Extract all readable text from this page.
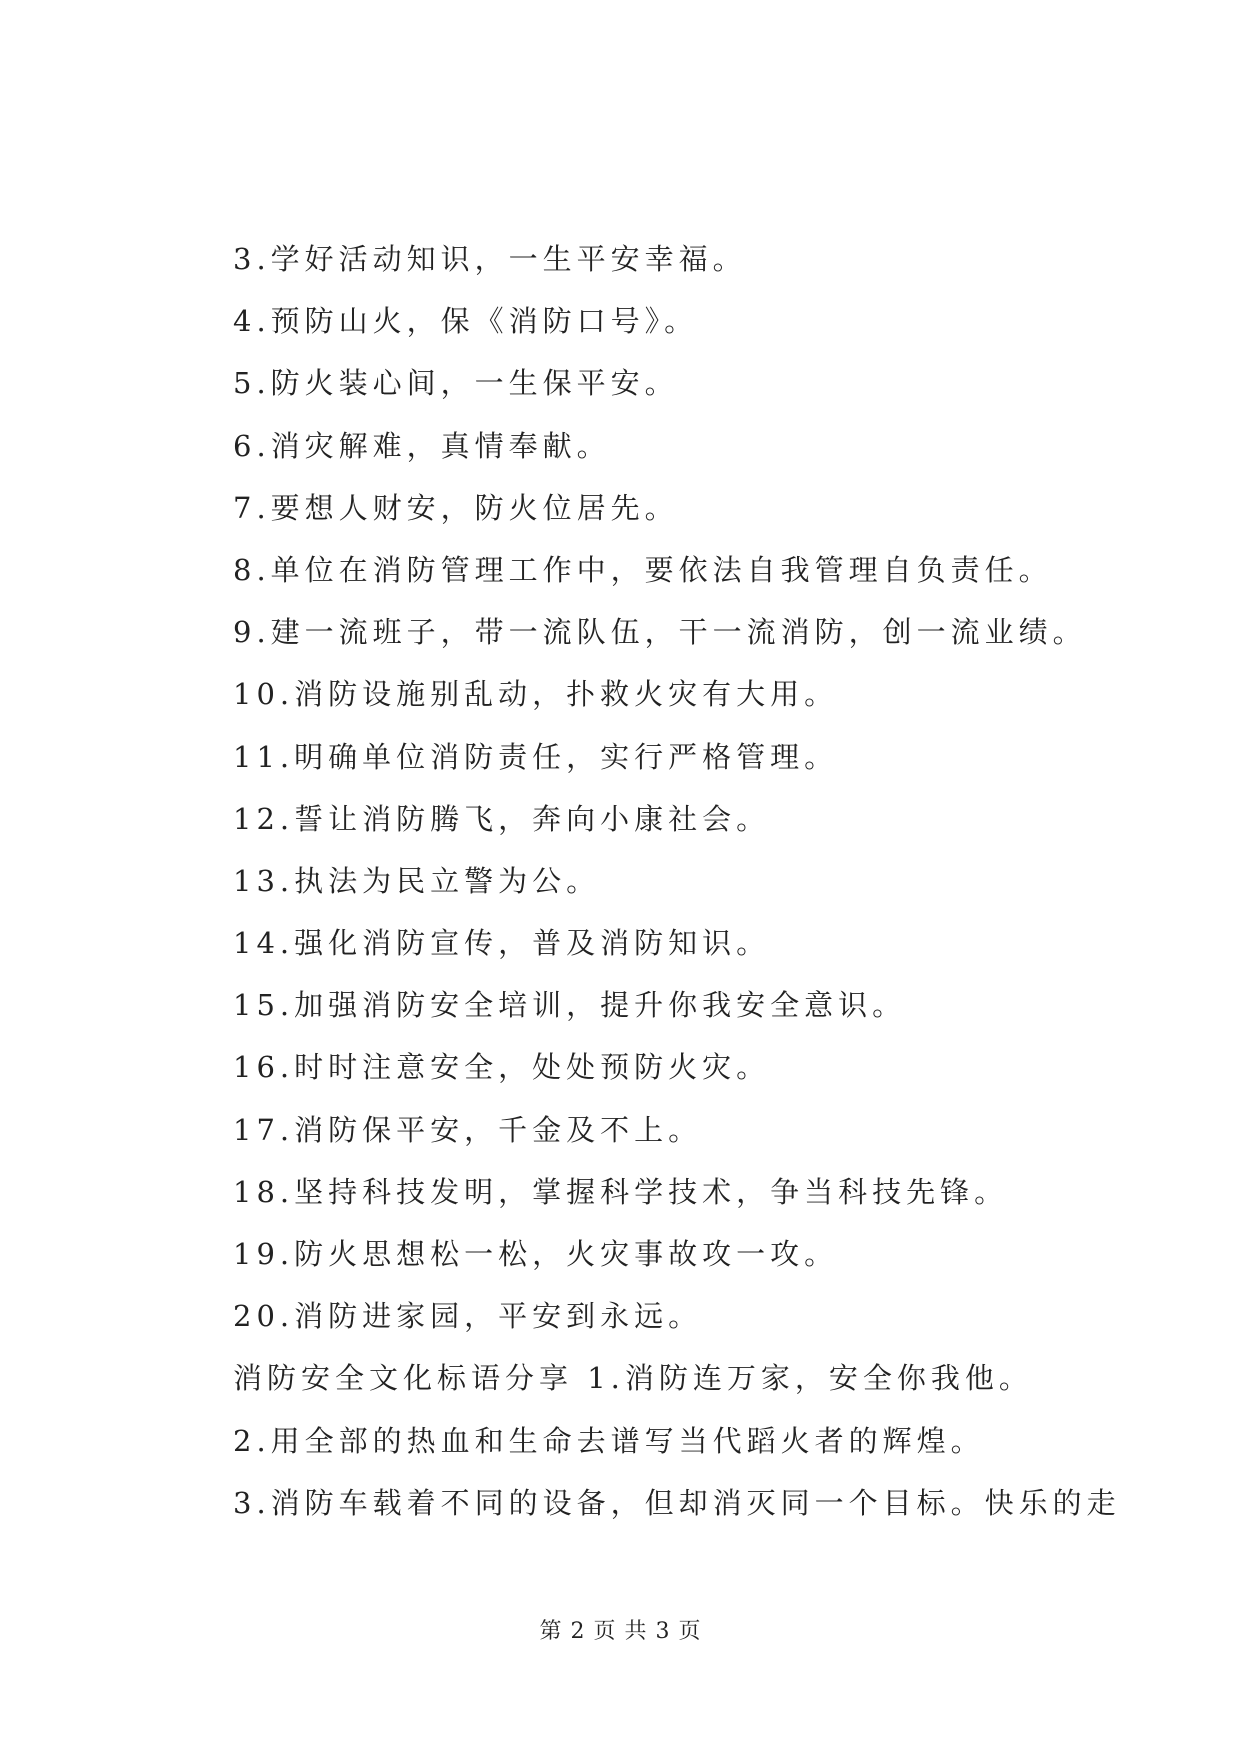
3.学好活动知识，一生平安幸福。
4.预防山火，保《消防口号》。
5.防火装心间，一生保平安。
6.消灾解难，真情奉献。
7.要想人财安，防火位居先。
8.单位在消防管理工作中，要依法自我管理自负责任。
9.建一流班子，带一流队伍，干一流消防，创一流业绩。
10.消防设施别乱动，扑救火灾有大用。
11.明确单位消防责任，实行严格管理。
12.誓让消防腾飞，奔向小康社会。
13.执法为民立警为公。
14.强化消防宣传，普及消防知识。
15.加强消防安全培训，提升你我安全意识。
16.时时注意安全，处处预防火灾。
17.消防保平安，千金及不上。
18.坚持科技发明，掌握科学技术，争当科技先锋。
19.防火思想松一松，火灾事故攻一攻。
20.消防进家园，平安到永远。
消防安全文化标语分享 1.消防连万家，安全你我他。
2.用全部的热血和生命去谱写当代蹈火者的辉煌。
3.消防车载着不同的设备，但却消灭同一个目标。快乐的走
第 2 页 共 3 页
